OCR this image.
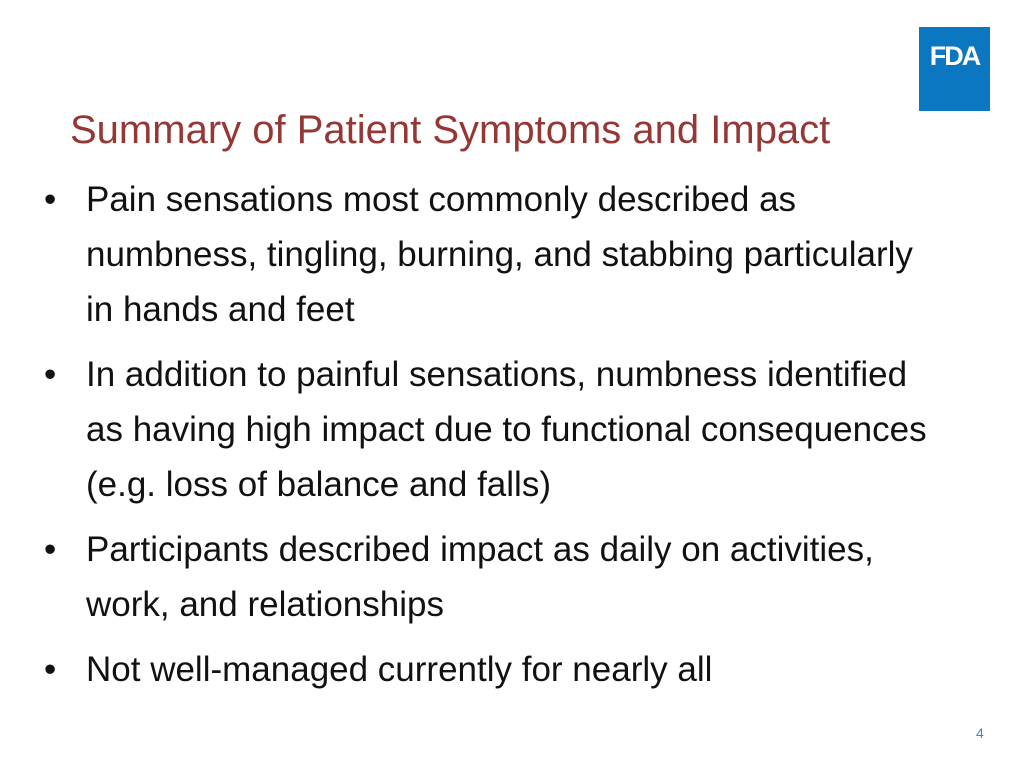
FDA
Summary of Patient Symptoms and Impact
• Pain sensations most commonly described as numbness, tingling, burning, and stabbing particularly in hands and feet
• In addition to painful sensations, numbness identified as having high impact due to functional consequences (e.g. loss of balance and falls)
• Participants described impact as daily on activities, work, and relationships
• Not well-managed currently for nearly all
4
